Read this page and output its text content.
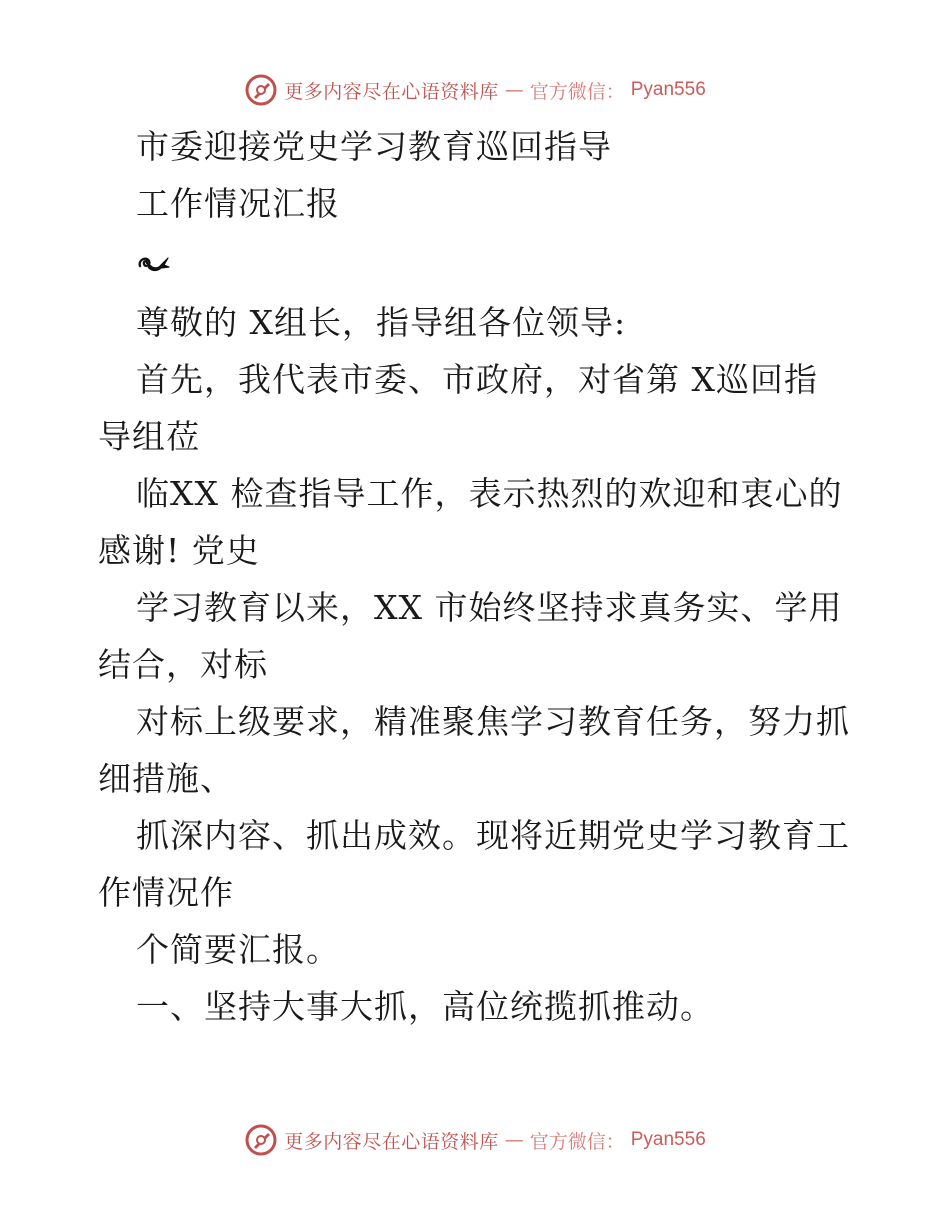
更多内容尽在心语资料库 — 官方微信： Pyan556
市委迎接党史学习教育巡回指导
工作情况汇报
尊敬的 X组长，指导组各位领导:
首先，我代表市委、市政府，对省第 X巡回指
导组莅
临XX 检查指导工作，表示热烈的欢迎和衷心的
感谢! 党史
学习教育以来，XX 市始终坚持求真务实、学用
结合，对标
对标上级要求，精准聚焦学习教育任务，努力抓
细措施、
抓深内容、抓出成效。现将近期党史学习教育工
作情况作
个简要汇报。
一、坚持大事大抓，高位统揽抓推动。
更多内容尽在心语资料库 — 官方微信： Pyan556
